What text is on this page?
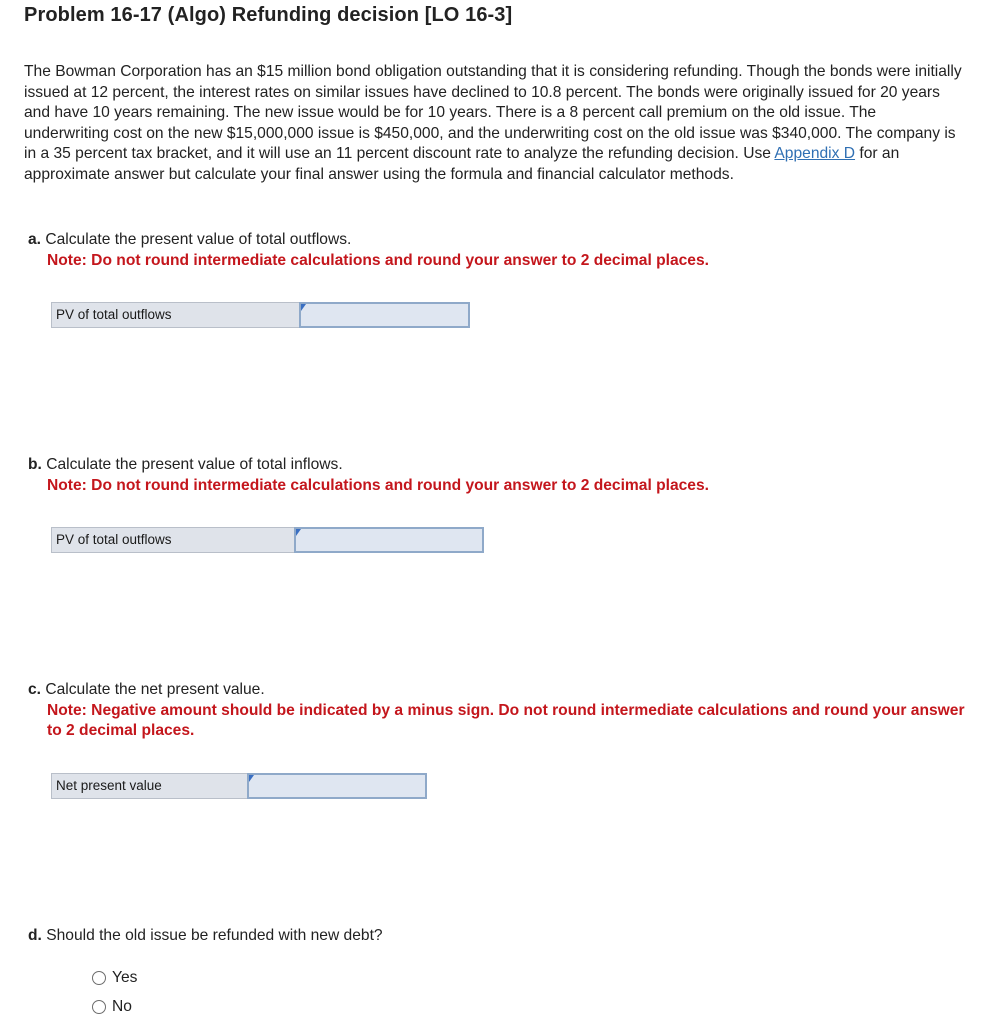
Problem 16-17 (Algo) Refunding decision [LO 16-3]
The Bowman Corporation has an $15 million bond obligation outstanding that it is considering refunding. Though the bonds were initially issued at 12 percent, the interest rates on similar issues have declined to 10.8 percent. The bonds were originally issued for 20 years and have 10 years remaining. The new issue would be for 10 years. There is a 8 percent call premium on the old issue. The underwriting cost on the new $15,000,000 issue is $450,000, and the underwriting cost on the old issue was $340,000. The company is in a 35 percent tax bracket, and it will use an 11 percent discount rate to analyze the refunding decision. Use Appendix D for an approximate answer but calculate your final answer using the formula and financial calculator methods.
a. Calculate the present value of total outflows.
Note: Do not round intermediate calculations and round your answer to 2 decimal places.
PV of total outflows
b. Calculate the present value of total inflows.
Note: Do not round intermediate calculations and round your answer to 2 decimal places.
PV of total outflows
c. Calculate the net present value.
Note: Negative amount should be indicated by a minus sign. Do not round intermediate calculations and round your answer to 2 decimal places.
Net present value
d. Should the old issue be refunded with new debt?
Yes
No
